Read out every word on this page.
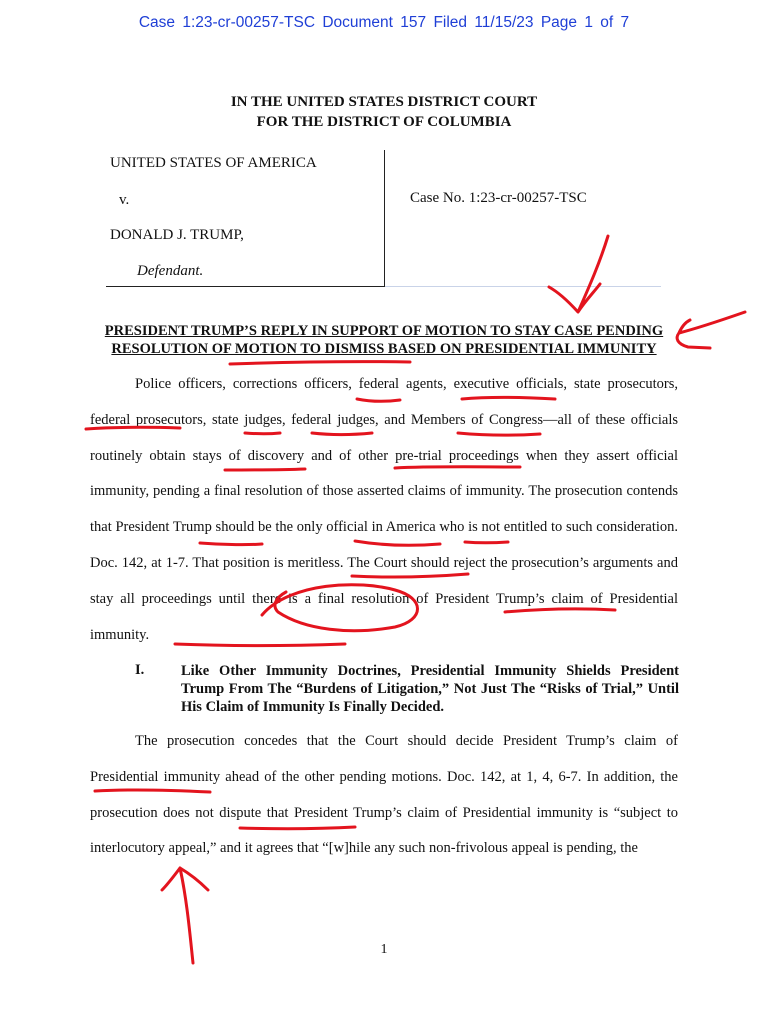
Case 1:23-cr-00257-TSC Document 157 Filed 11/15/23 Page 1 of 7
IN THE UNITED STATES DISTRICT COURT
FOR THE DISTRICT OF COLUMBIA
UNITED STATES OF AMERICA
v.
DONALD J. TRUMP,
Defendant.
Case No. 1:23-cr-00257-TSC
PRESIDENT TRUMP’S REPLY IN SUPPORT OF MOTION TO STAY CASE PENDING
RESOLUTION OF MOTION TO DISMISS BASED ON PRESIDENTIAL IMMUNITY
Police officers, corrections officers, federal agents, executive officials, state prosecutors, federal prosecutors, state judges, federal judges, and Members of Congress—all of these officials routinely obtain stays of discovery and of other pre-trial proceedings when they assert official immunity, pending a final resolution of those asserted claims of immunity. The prosecution contends that President Trump should be the only official in America who is not entitled to such consideration. Doc. 142, at 1-7. That position is meritless. The Court should reject the prosecution’s arguments and stay all proceedings until there is a final resolution of President Trump’s claim of Presidential immunity.
I.	Like Other Immunity Doctrines, Presidential Immunity Shields President Trump From The “Burdens of Litigation,” Not Just The “Risks of Trial,” Until His Claim of Immunity Is Finally Decided.
The prosecution concedes that the Court should decide President Trump’s claim of Presidential immunity ahead of the other pending motions. Doc. 142, at 1, 4, 6-7. In addition, the prosecution does not dispute that President Trump’s claim of Presidential immunity is “subject to interlocutory appeal,” and it agrees that “[w]hile any such non-frivolous appeal is pending, the
1
